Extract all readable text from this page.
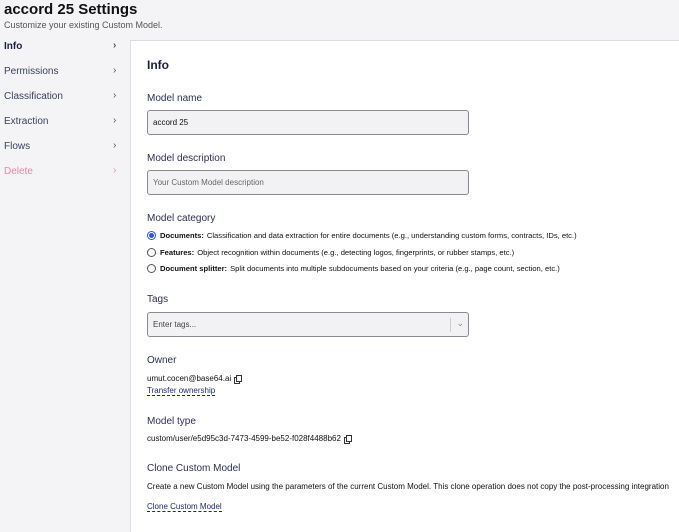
accord 25 Settings
Customize your existing Custom Model.
Info	›
Permissions	›
Classification	›
Extraction	›
Flows	›
Delete	›
Info
Model name
accord 25
Model description
Your Custom Model description
Model category
Documents: Classification and data extraction for entire documents (e.g., understanding custom forms, contracts, IDs, etc.)
Features: Object recognition within documents (e.g., detecting logos, fingerprints, or rubber stamps, etc.)
Document splitter: Split documents into multiple subdocuments based on your criteria (e.g., page count, section, etc.)
Tags
Enter tags...	⌄
Owner
umut.cocen@base64.ai
Transfer ownership
Model type
custom/user/e5d95c3d-7473-4599-be52-f028f4488b62
Clone Custom Model
Create a new Custom Model using the parameters of the current Custom Model. This clone operation does not copy the post-processing integration
Clone Custom Model
